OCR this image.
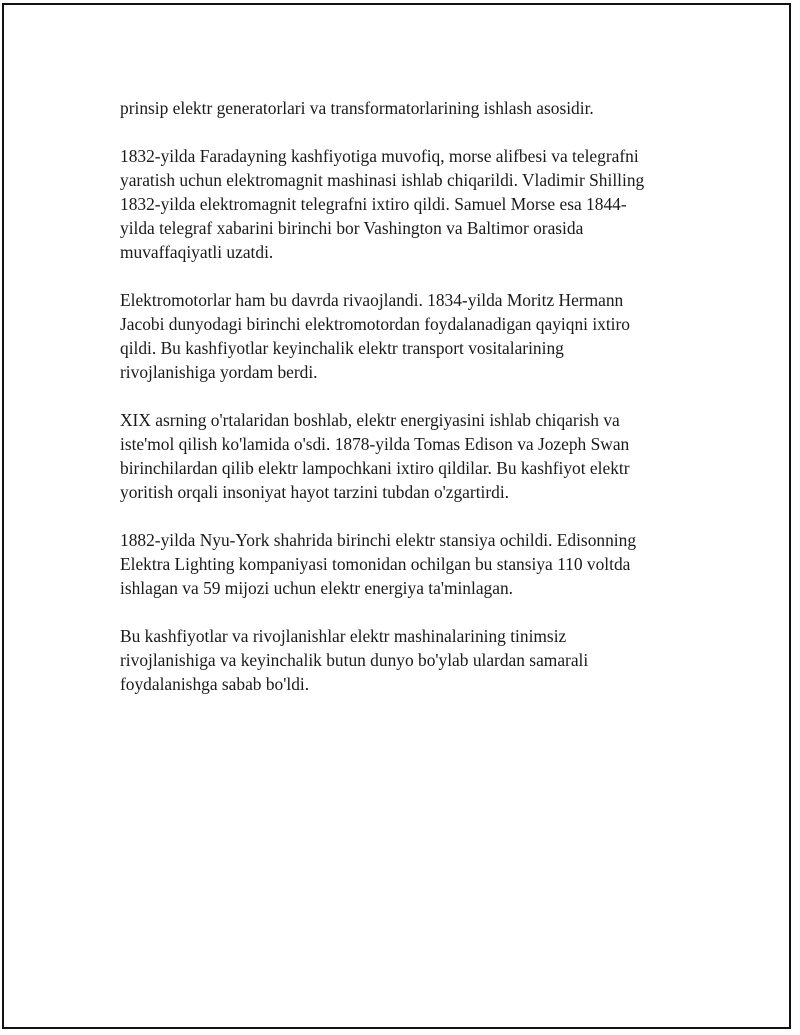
prinsip elektr generatorlari va transformatorlarining ishlash asosidir.

1832-yilda Faradayning kashfiyotiga muvofiq, morse alifbesi va telegrafni
yaratish uchun elektromagnit mashinasi ishlab chiqarildi. Vladimir Shilling
1832-yilda elektromagnit telegrafni ixtiro qildi. Samuel Morse esa 1844-
yilda telegraf xabarini birinchi bor Vashington va Baltimor orasida
muvaffaqiyatli uzatdi.

Elektromotorlar ham bu davrda rivaojlandi. 1834-yilda Moritz Hermann
Jacobi dunyodagi birinchi elektromotordan foydalanadigan qayiqni ixtiro
qildi. Bu kashfiyotlar keyinchalik elektr transport vositalarining
rivojlanishiga yordam berdi.

XIX asrning o'rtalaridan boshlab, elektr energiyasini ishlab chiqarish va
iste'mol qilish ko'lamida o'sdi. 1878-yilda Tomas Edison va Jozeph Swan
birinchilardan qilib elektr lampochkani ixtiro qildilar. Bu kashfiyot elektr
yoritish orqali insoniyat hayot tarzini tubdan o'zgartirdi.

1882-yilda Nyu-York shahrida birinchi elektr stansiya ochildi. Edisonning
Elektra Lighting kompaniyasi tomonidan ochilgan bu stansiya 110 voltda
ishlagan va 59 mijozi uchun elektr energiya ta'minlagan.

Bu kashfiyotlar va rivojlanishlar elektr mashinalarining tinimsiz
rivojlanishiga va keyinchalik butun dunyo bo'ylab ulardan samarali
foydalanishga sabab bo'ldi.
